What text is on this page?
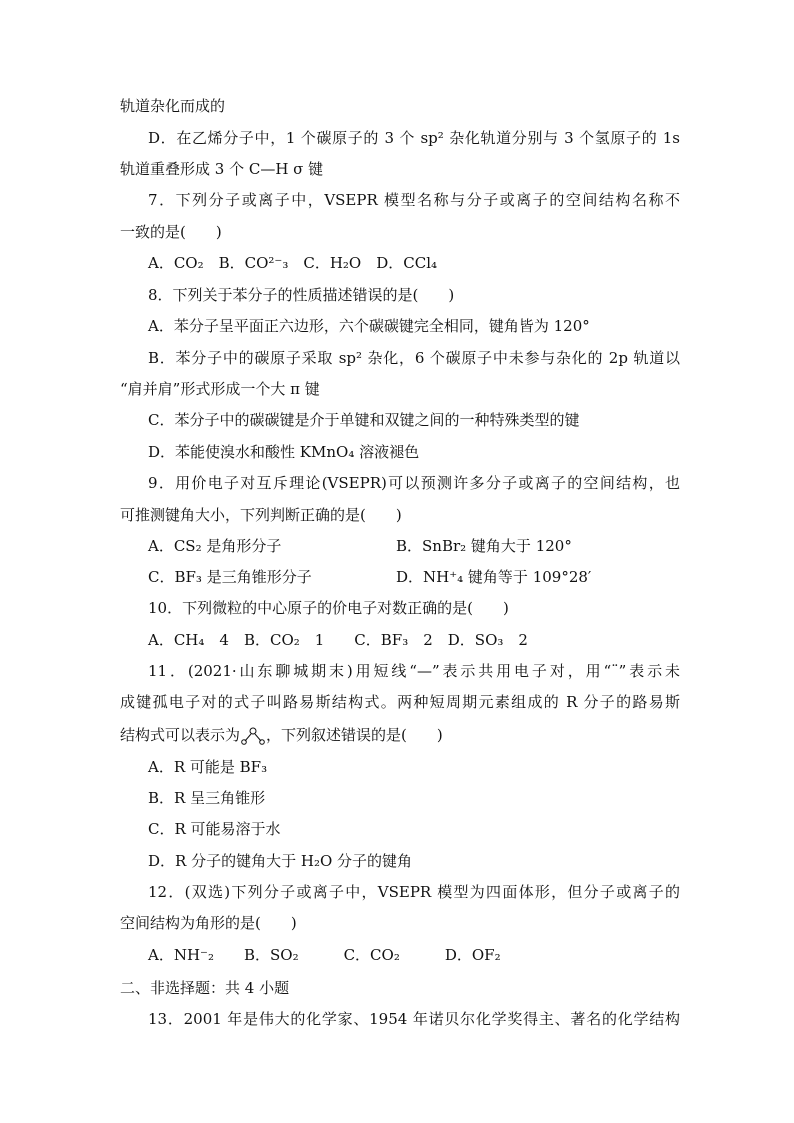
轨道杂化而成的
D．在乙烯分子中，1 个碳原子的 3 个 sp² 杂化轨道分别与 3 个氢原子的 1s
轨道重叠形成 3 个 C—H σ 键
7．下列分子或离子中，VSEPR 模型名称与分子或离子的空间结构名称不
一致的是(　　)
A．CO₂　B．CO²⁻₃　C．H₂O　D．CCl₄
8．下列关于苯分子的性质描述错误的是(　　)
A．苯分子呈平面正六边形，六个碳碳键完全相同，键角皆为 120°
B．苯分子中的碳原子采取 sp² 杂化，6 个碳原子中未参与杂化的 2p 轨道以
“肩并肩”形式形成一个大 π 键
C．苯分子中的碳碳键是介于单键和双键之间的一种特殊类型的键
D．苯能使溴水和酸性 KMnO₄ 溶液褪色
9．用价电子对互斥理论(VSEPR)可以预测许多分子或离子的空间结构，也
可推测键角大小，下列判断正确的是(　　)
A．CS₂ 是角形分子	B．SnBr₂ 键角大于 120°
C．BF₃ 是三角锥形分子	D．NH⁺₄ 键角等于 109°28′
10．下列微粒的中心原子的价电子对数正确的是(　　)
A．CH₄　4　B．CO₂　1　　C．BF₃　2　D．SO₃　2
11．(2021·山东聊城期末)用短线“—”表示共用电子对，用“¨”表示未
成键孤电子对的式子叫路易斯结构式。两种短周期元素组成的 R 分子的路易斯
结构式可以表示为 ，下列叙述错误的是(　　)
A．R 可能是 BF₃
B．R 呈三角锥形
C．R 可能易溶于水
D．R 分子的键角大于 H₂O 分子的键角
12．(双选)下列分子或离子中，VSEPR 模型为四面体形，但分子或离子的
空间结构为角形的是(　　)
A．NH⁻₂　　B．SO₂　　　C．CO₂　　　D．OF₂
二、非选择题：共 4 小题
13．2001 年是伟大的化学家、1954 年诺贝尔化学奖得主、著名的化学结构
